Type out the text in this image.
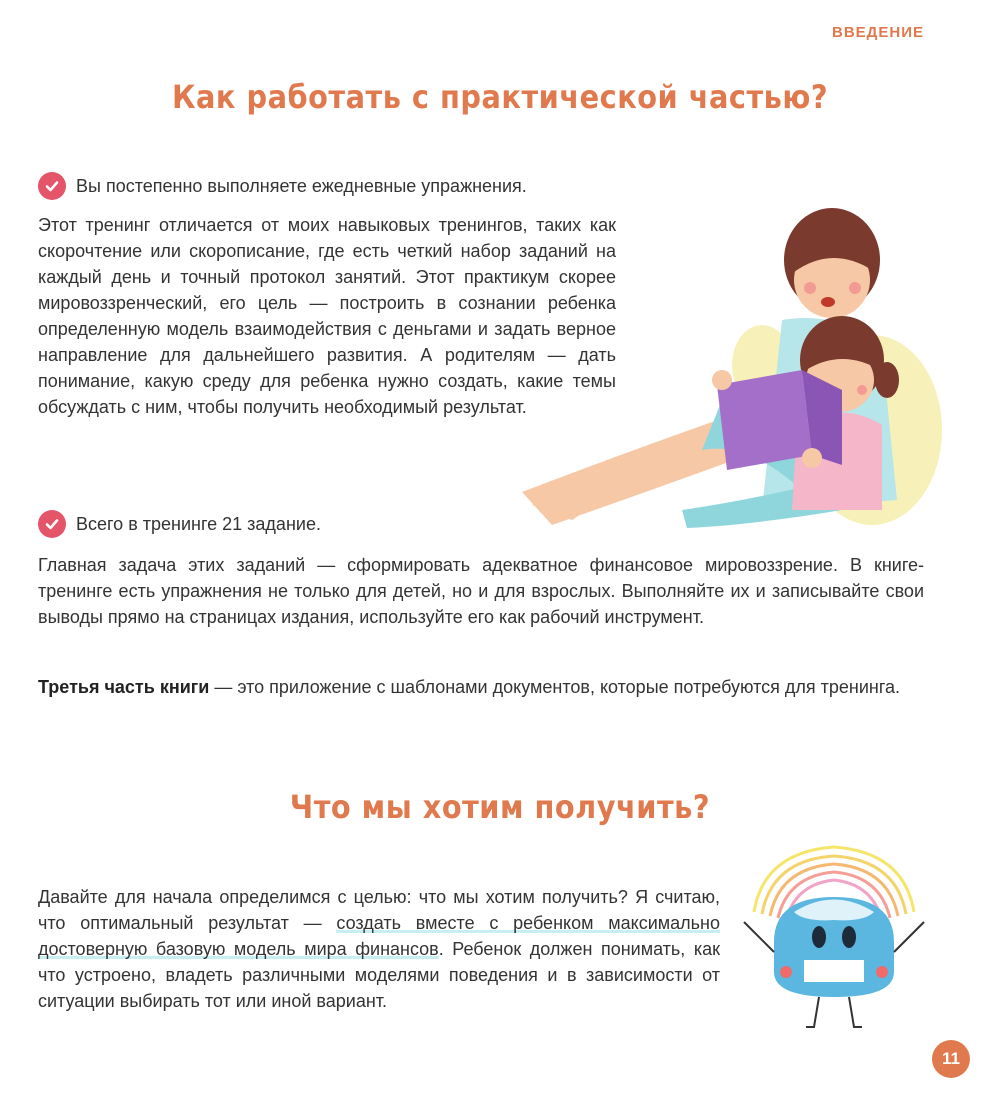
ВВЕДЕНИЕ
Как работать с практической частью?
Вы постепенно выполняете ежедневные упражнения.
Этот тренинг отличается от моих навыковых тренингов, таких как скорочтение или скорописание, где есть четкий набор заданий на каждый день и точный протокол занятий. Этот практикум скорее мировоззренческий, его цель — построить в сознании ребенка определенную модель взаимодействия с деньгами и задать верное направление для дальнейшего развития. А родителям — дать понимание, какую среду для ребенка нужно создать, какие темы обсуждать с ним, чтобы получить необходимый результат.
Всего в тренинге 21 задание.
Главная задача этих заданий — сформировать адекватное финансовое мировоззрение. В книге-тренинге есть упражнения не только для детей, но и для взрослых. Выполняйте их и записывайте свои выводы прямо на страницах издания, используйте его как рабочий инструмент.
Третья часть книги — это приложение с шаблонами документов, которые потребуются для тренинга.
Что мы хотим получить?
Давайте для начала определимся с целью: что мы хотим получить? Я считаю, что оптимальный результат — создать вместе с ребенком максимально достоверную базовую модель мира финансов. Ребенок должен понимать, как что устроено, владеть различными моделями поведения и в зависимости от ситуации выбирать тот или иной вариант.
11
